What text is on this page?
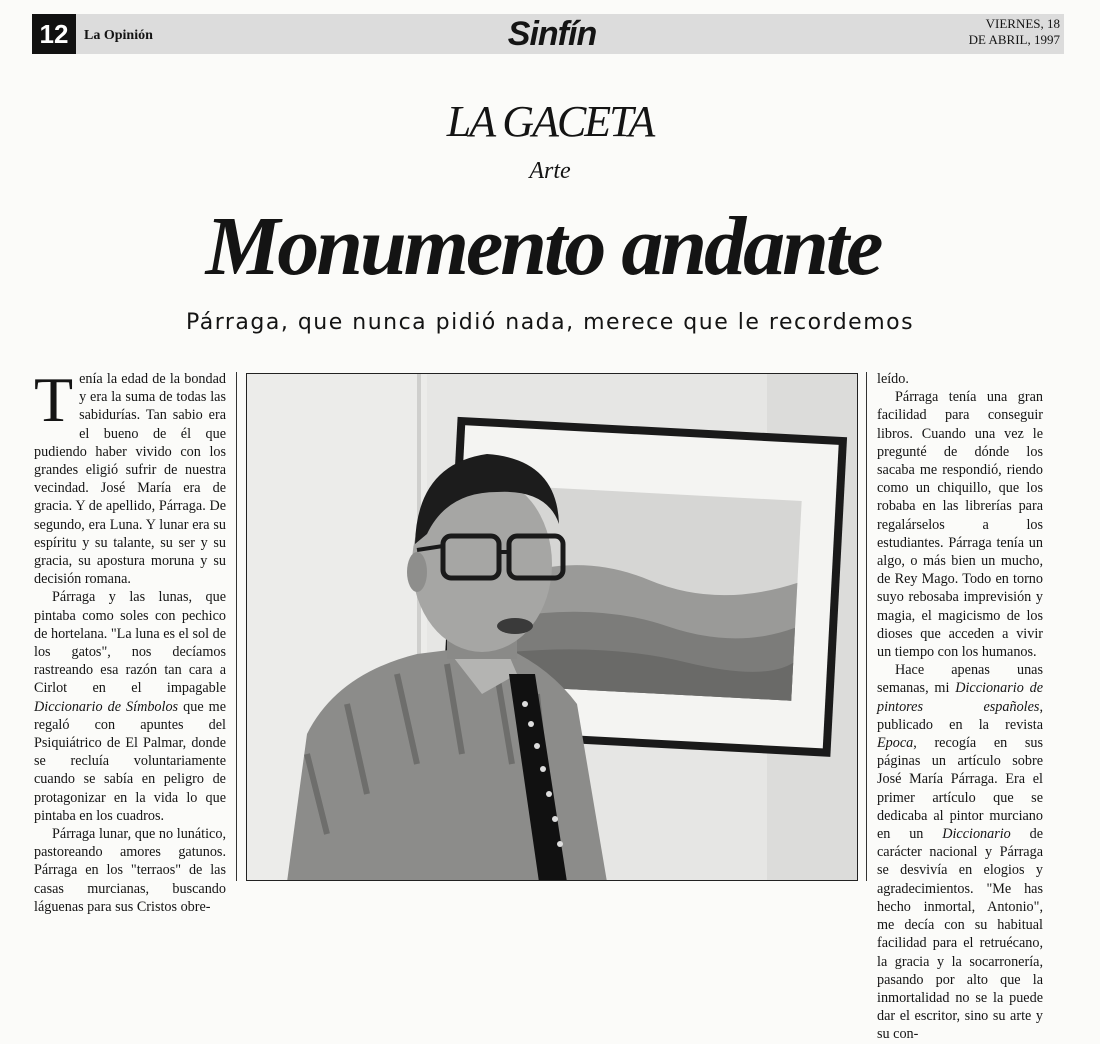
12	La Opinión	Sinfín	VIERNES, 18
DE ABRIL, 1997
LA GACETA
Arte
Monumento andante
Párraga, que nunca pidió nada, merece que le recordemos

Tenía la edad de la bondad y era la suma de todas las sabidurías. Tan sabio era el bueno de él que pudiendo haber vivido con los grandes eligió sufrir de nuestra vecindad. José María era de gracia. Y de apellido, Párraga. De segundo, era Luna. Y lunar era su espíritu y su talante, su ser y su gracia, su apostura moruna y su decisión romana.

Párraga y las lunas, que pintaba como soles con pechico de hortelana. "La luna es el sol de los gatos", nos decíamos rastreando esa razón tan cara a Cirlot en el impagable Diccionario de Símbolos que me regaló con apuntes del Psiquiátrico de El Palmar, donde se recluía voluntariamente cuando se sabía en peligro de protagonizar en la vida lo que pintaba en los cuadros.

Párraga lunar, que no lunático, pastoreando amores gatunos. Párraga en los "terraos" de las casas murcianas, buscando láguenas para sus Cristos obre-

leído.

Párraga tenía una gran facilidad para conseguir libros. Cuando una vez le pregunté de dónde los sacaba me respondió, riendo como un chiquillo, que los robaba en las librerías para regalárselos a los estudiantes. Párraga tenía un algo, o más bien un mucho, de Rey Mago. Todo en torno suyo rebosaba imprevisión y magia, el magicismo de los dioses que acceden a vivir un tiempo con los humanos.

Hace apenas unas semanas, mi Diccionario de pintores españoles, publicado en la revista Epoca, recogía en sus páginas un artículo sobre José María Párraga. Era el primer artículo que se dedicaba al pintor murciano en un Diccionario de carácter nacional y Párraga se desvivía en elogios y agradecimientos. "Me has hecho inmortal, Antonio", me decía con su habitual facilidad para el retruécano, la gracia y la socarronería, pasando por alto que la inmortalidad no se la puede dar el escritor, sino su arte y su con-
